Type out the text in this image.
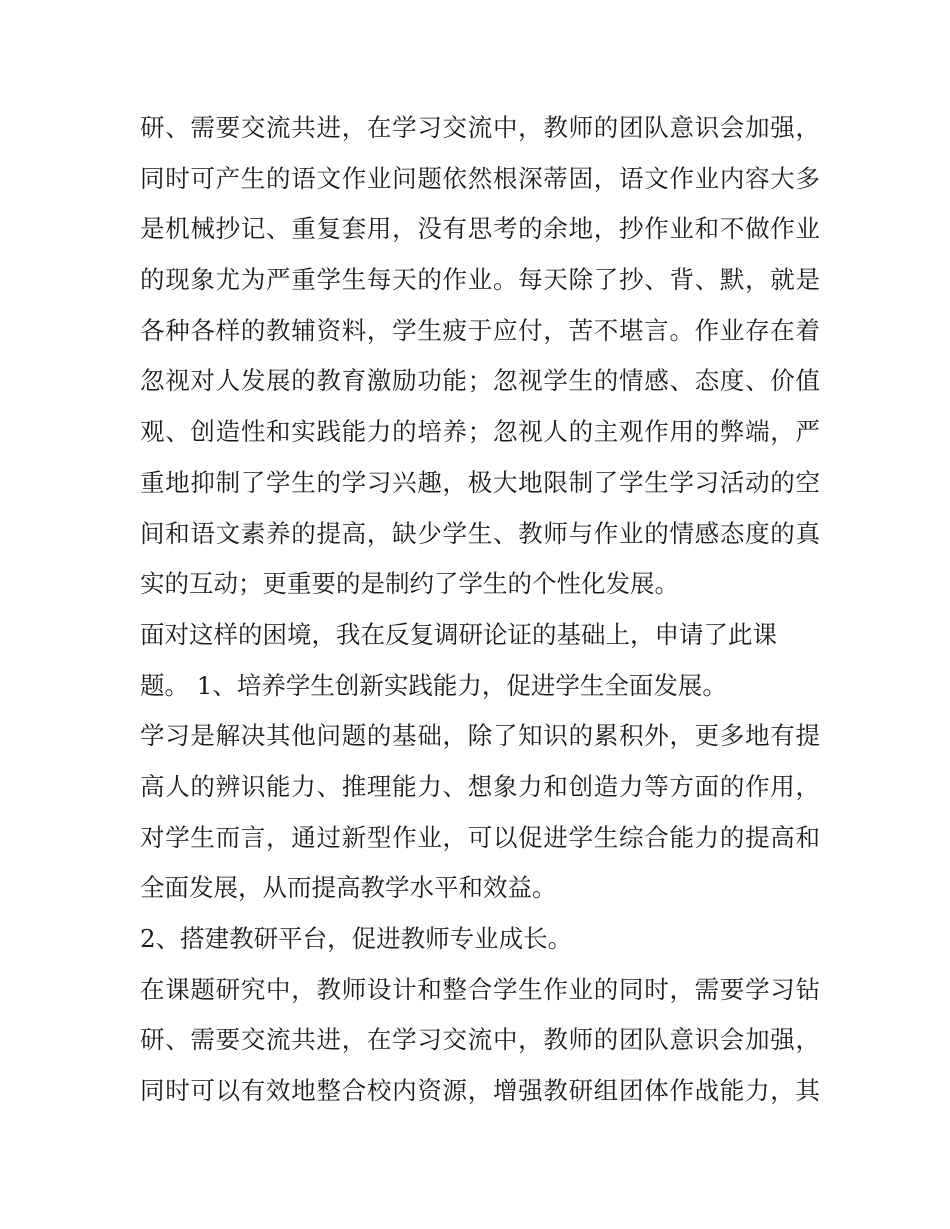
研、需要交流共进，在学习交流中，教师的团队意识会加强，
同时可产生的语文作业问题依然根深蒂固，语文作业内容大多
是机械抄记、重复套用，没有思考的余地，抄作业和不做作业
的现象尤为严重学生每天的作业。每天除了抄、背、默，就是
各种各样的教辅资料，学生疲于应付，苦不堪言。作业存在着
忽视对人发展的教育激励功能；忽视学生的情感、态度、价值
观、创造性和实践能力的培养；忽视人的主观作用的弊端，严
重地抑制了学生的学习兴趣，极大地限制了学生学习活动的空
间和语文素养的提高，缺少学生、教师与作业的情感态度的真
实的互动；更重要的是制约了学生的个性化发展。
面对这样的困境，我在反复调研论证的基础上，申请了此课
题。 1、培养学生创新实践能力，促进学生全面发展。
学习是解决其他问题的基础，除了知识的累积外，更多地有提
高人的辨识能力、推理能力、想象力和创造力等方面的作用，
对学生而言，通过新型作业，可以促进学生综合能力的提高和
全面发展，从而提高教学水平和效益。
2、搭建教研平台，促进教师专业成长。
在课题研究中，教师设计和整合学生作业的同时，需要学习钻
研、需要交流共进，在学习交流中，教师的团队意识会加强，
同时可以有效地整合校内资源，增强教研组团体作战能力，其
